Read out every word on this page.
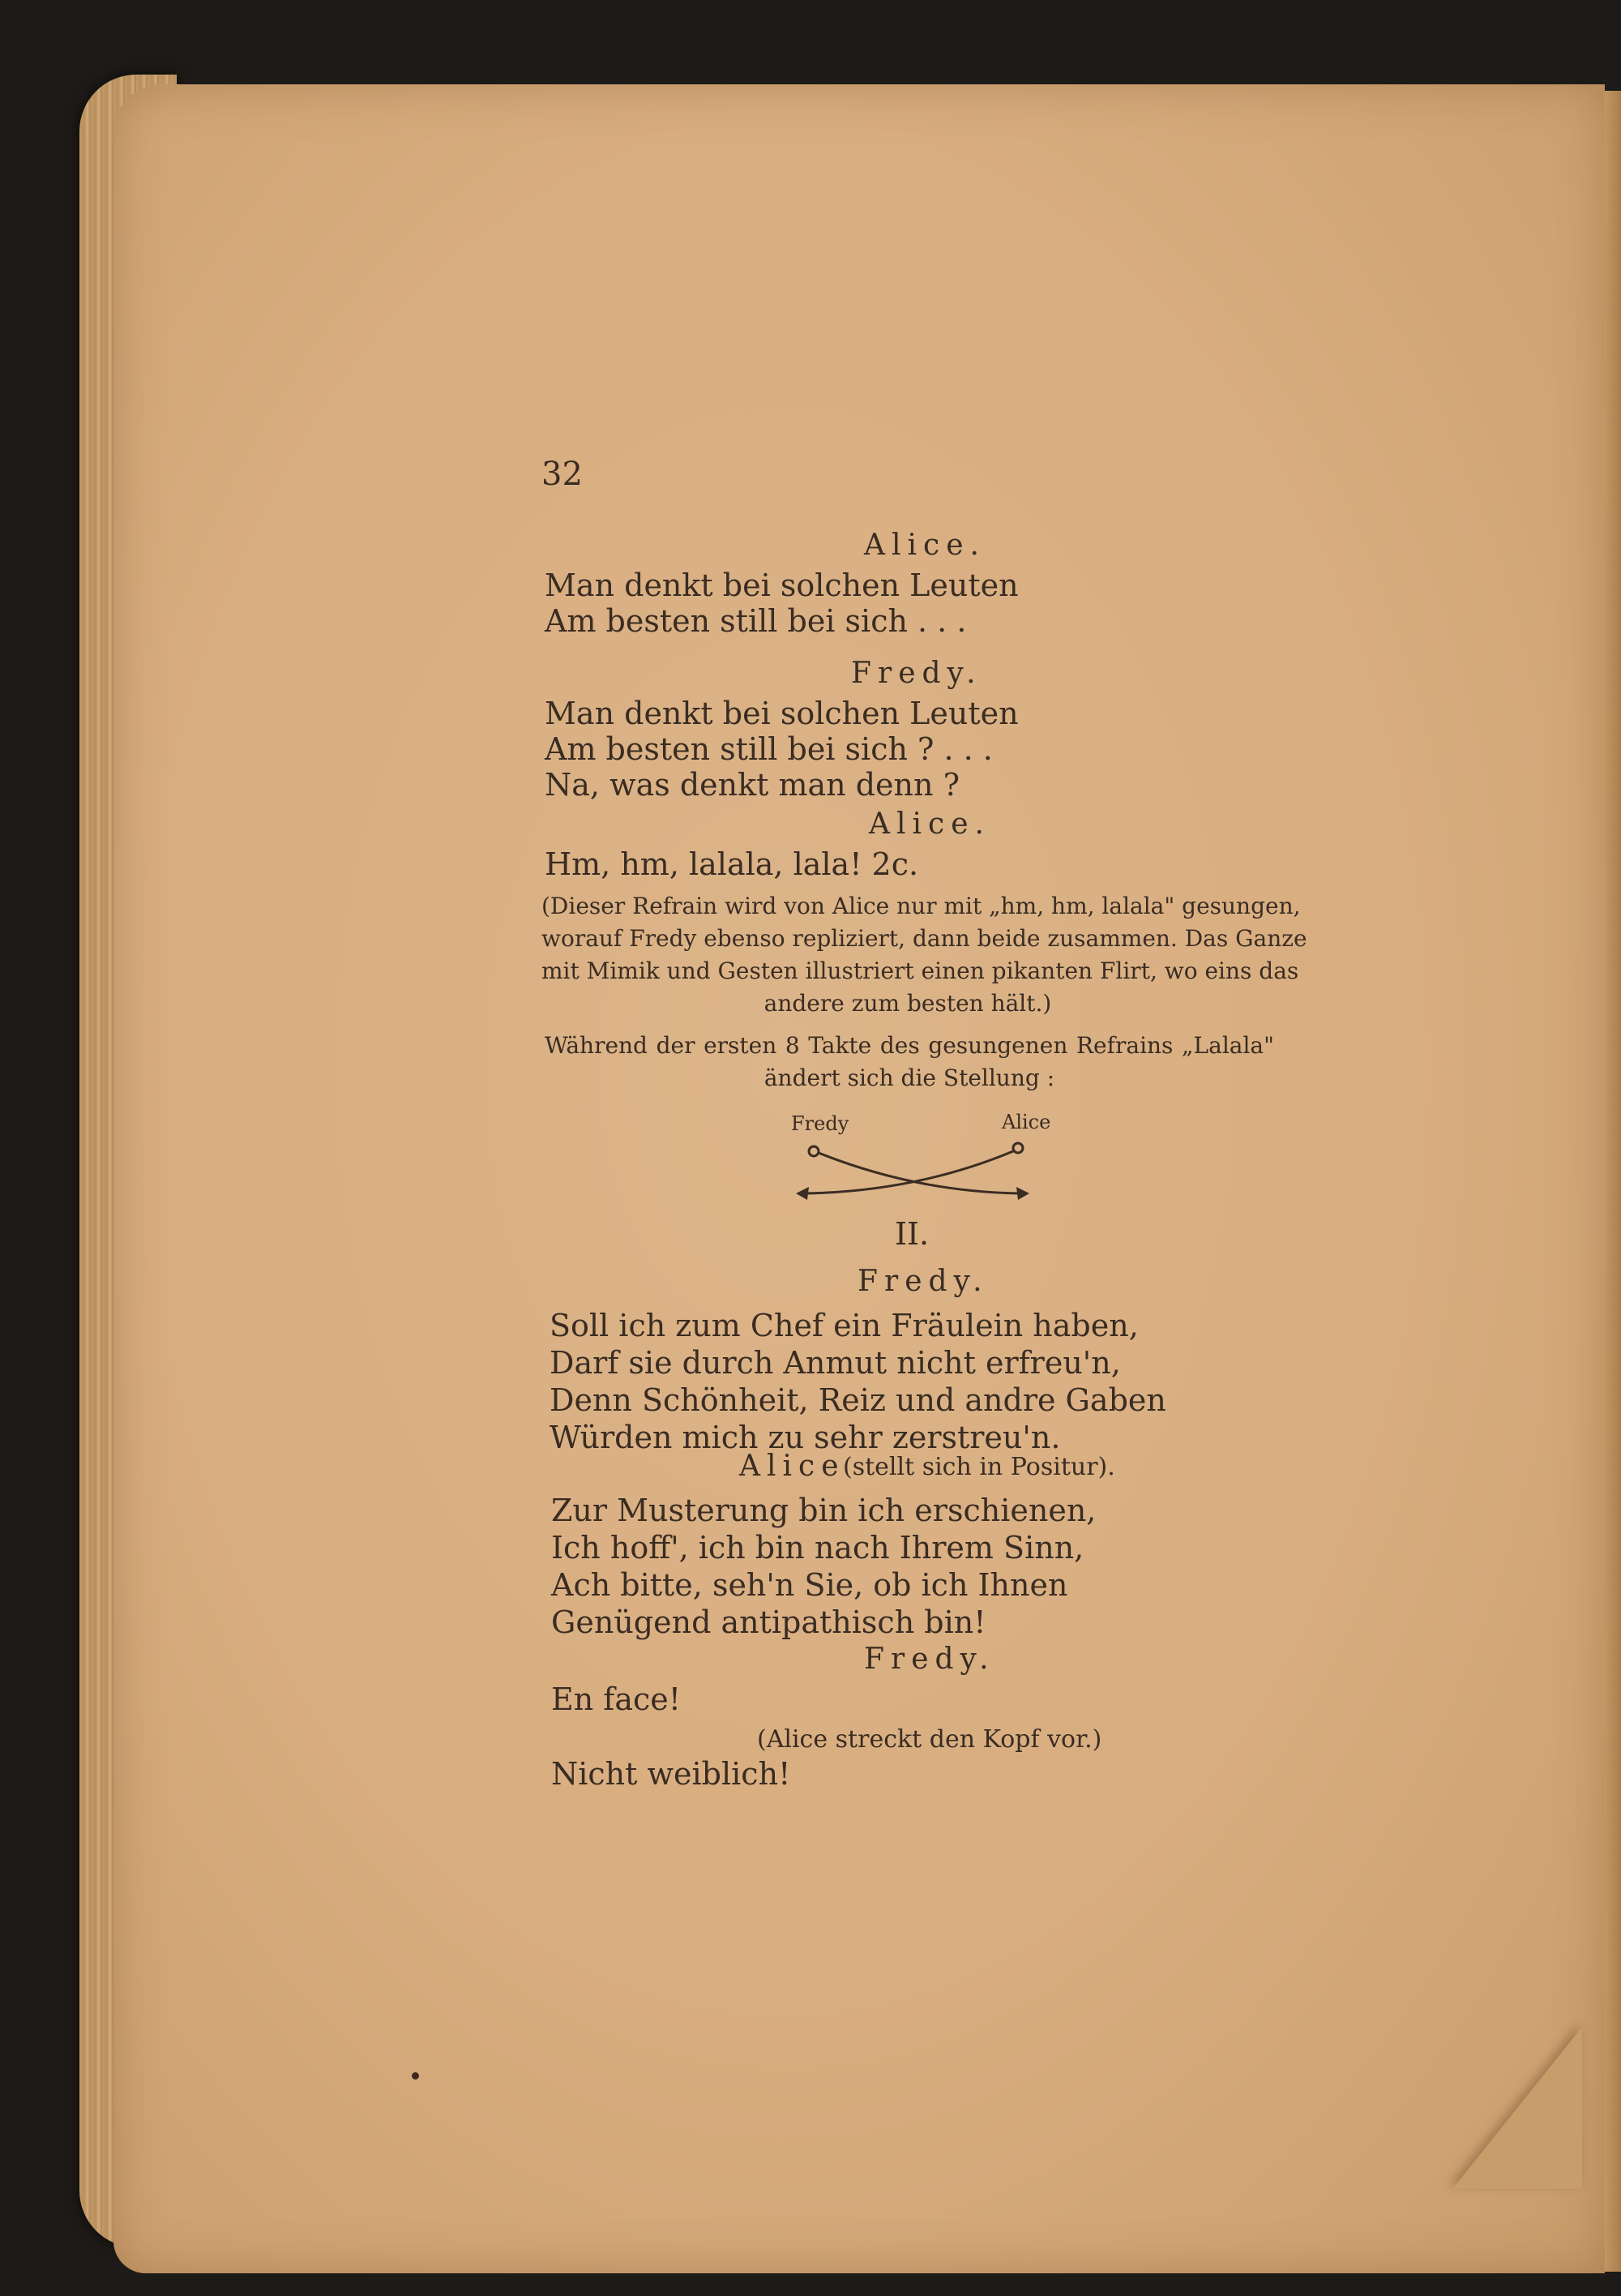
32
Alice.
Man denkt bei solchen Leuten
Am besten still bei sich . . .
Fredy.
Man denkt bei solchen Leuten
Am besten still bei sich ? . . .
Na, was denkt man denn ?
Alice.
Hm, hm, lalala, lala! 2c.
(Dieser Refrain wird von Alice nur mit „hm, hm, lalala" gesungen,
worauf Fredy ebenso repliziert, dann beide zusammen. Das Ganze
mit Mimik und Gesten illustriert einen pikanten Flirt, wo eins das
andere zum besten hält.)
Während der ersten 8 Takte des gesungenen Refrains „Lalala"
ändert sich die Stellung :
Fredy	Alice
II.
Fredy.
Soll ich zum Chef ein Fräulein haben,
Darf sie durch Anmut nicht erfreu'n,
Denn Schönheit, Reiz und andre Gaben
Würden mich zu sehr zerstreu'n.
Alice
(stellt sich in Positur).
Zur Musterung bin ich erschienen,
Ich hoff', ich bin nach Ihrem Sinn,
Ach bitte, seh'n Sie, ob ich Ihnen
Genügend antipathisch bin!
Fredy.
En face!
(Alice streckt den Kopf vor.)
Nicht weiblich!
